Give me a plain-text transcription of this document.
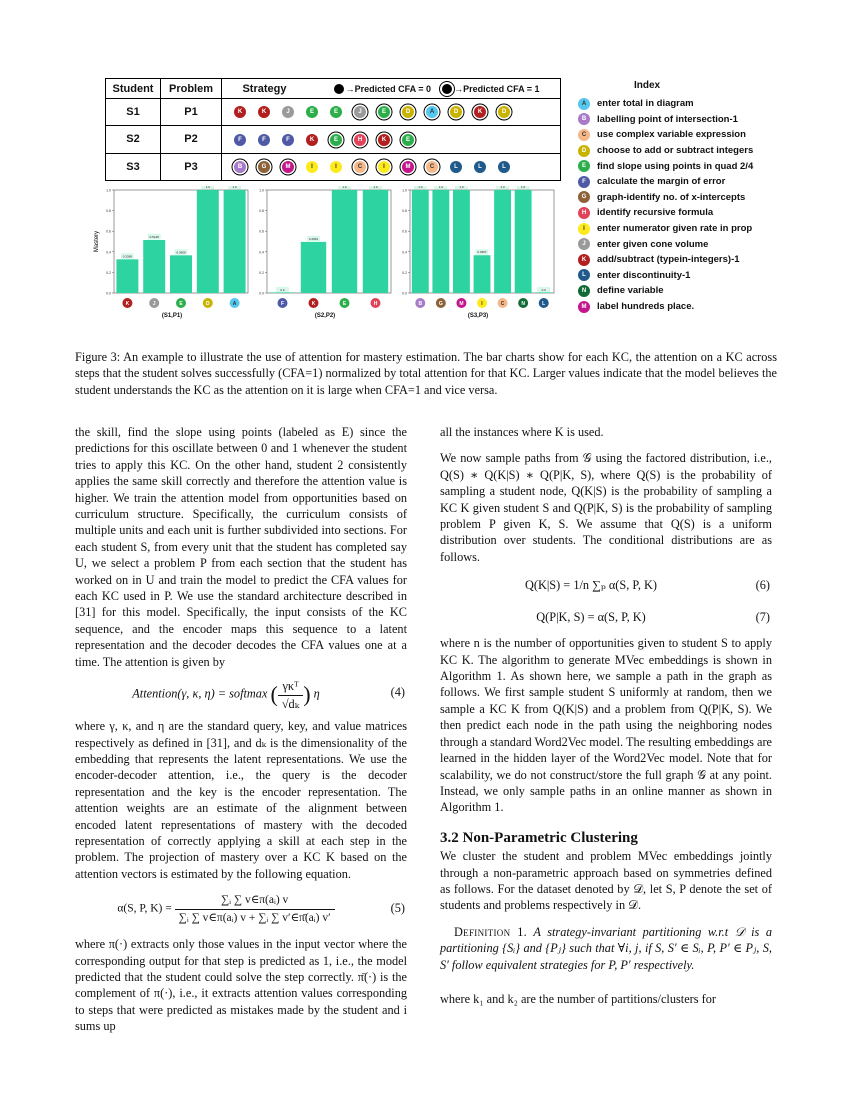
Student	Problem	Strategy →Predicted CFA = 0 →Predicted CFA = 1
S1	P1	K K J E E J E D A D K D
S2	P2	F F F K E H K E
S3	P3	B G M I I C I M C L L L
0.0
0.2
0.4
0.6
0.8
1.0
Mastery
0.3268
K
0.5148
J
0.3659
E
1.0
D
1.0
A
(S1,P1)
0.0
0.2
0.4
0.6
0.8
1.0
0.0
F
0.4961
K
1.0
E
1.0
H
(S2,P2)
0.0
0.2
0.4
0.6
0.8
1.0
1.0
B
1.0
G
1.0
M
0.3667
I
1.0
C
1.0
N
0.0
L
(S3,P3)
Index
A	enter total in diagram
B	labelling point of intersection-1
C	use complex variable expression
D	choose to add or subtract integers
E	find slope using points in quad 2/4
F	calculate the margin of error
G	graph-identify no. of x-intercepts
H	identify recursive formula
I	enter numerator given rate in prop
J	enter given cone volume
K	add/subtract (typein-integers)-1
L	enter discontinuity-1
N	define variable
M	label hundreds place.
Figure 3: An example to illustrate the use of attention for mastery estimation. The bar charts show for each KC, the attention on a KC across steps that the student solves successfully (CFA=1) normalized by total attention for that KC. Larger values indicate that the model believes the student understands the KC as the attention on it is large when CFA=1 and vice versa.

the skill, find the slope using points (labeled as E) since the predictions for this oscillate between 0 and 1 whenever the student tries to apply this KC. On the other hand, student 2 consistently applies the same skill correctly and therefore the attention value is higher. We train the attention model from opportunities based on curriculum structure. Specifically, the curriculum consists of multiple units and each unit is further subdivided into sections. For each student S, from every unit that the student has completed say U, we select a problem P from each section that the student has worked on in U and train the model to predict the CFA values for each KC used in P. We use the standard architecture described in [31] for this model. Specifically, the input consists of the KC sequence, and the encoder maps this sequence to a latent representation and the decoder decodes the CFA values one at a time. The attention is given by

Attention(γ, κ, η) = softmax ( $\frac{\text{γκᵀ}}{\text{√dₖ}}$ ) η	(4)

where γ, κ, and η are the standard query, key, and value matrices respectively as defined in [31], and dₖ is the dimensionality of the embedding that represents the latent representations. We use the encoder-decoder attention, i.e., the query is the decoder representation and the key is the encoder representation. The attention weights are an estimate of the alignment between encoded latent representations of mastery with the decoded representation of correctly applying a skill at each step in the problem. The projection of mastery over a KC K based on the attention vectors is estimated by the following equation.

α(S, P, $K) = \frac{\text{∑ᵢ ∑ v∈π(aᵢ) v}}{\text{∑ᵢ ∑ v∈π(aᵢ) v + ∑ᵢ ∑ v′∈π̄(aᵢ) v′}}$	(5)

where π(·) extracts only those values in the input vector where the corresponding output for that step is predicted as 1, i.e., the model predicted that the student could solve the step correctly. π̄(·) is the complement of π(·), i.e., it extracts attention values corresponding to steps that were predicted as mistakes made by the student and i sums up

all the instances where K is used.

We now sample paths from 𝒢 using the factored distribution, i.e., Q(S) ∗ Q(K|S) ∗ Q(P|K, S), where Q(S) is the probability of sampling a student node, Q(K|S) is the probability of sampling a KC K given student S and Q(P|K, S) is the probability of sampling problem P given K, S. We assume that Q(S) is a uniform distribution over students. The conditional distributions are as follows.

Q(K|S) = 1/n ∑ₚ α(S, P, K)	(6)
Q(P|K, S) = α(S, P, K)	(7)

where n is the number of opportunities given to student S to apply KC K. The algorithm to generate MVec embeddings is shown in Algorithm 1. As shown here, we sample a path in the graph as follows. We first sample student S uniformly at random, then we sample a KC K from Q(K|S) and a problem from Q(P|K, S). We then predict each node in the path using the neighboring nodes through a standard Word2Vec model. The resulting embeddings are learned in the hidden layer of the Word2Vec model. Note that for scalability, we do not construct/store the full graph 𝒢 at any point. Instead, we only sample paths in an online manner as shown in Algorithm 1.

3.2 Non-Parametric Clustering

We cluster the student and problem MVec embeddings jointly through a non-parametric approach based on symmetries defined as follows. For the dataset denoted by 𝒟, let S, P denote the set of students and problems respectively in 𝒟.

Definition 1. A strategy-invariant partitioning w.r.t 𝒟 is a partitioning {Sᵢ} and {Pⱼ} such that ∀i, j, if S, S′ ∈ Sᵢ, P, P′ ∈ Pⱼ, S, S′ follow equivalent strategies for P, P′ respectively.

where k₁ and k₂ are the number of partitions/clusters for
